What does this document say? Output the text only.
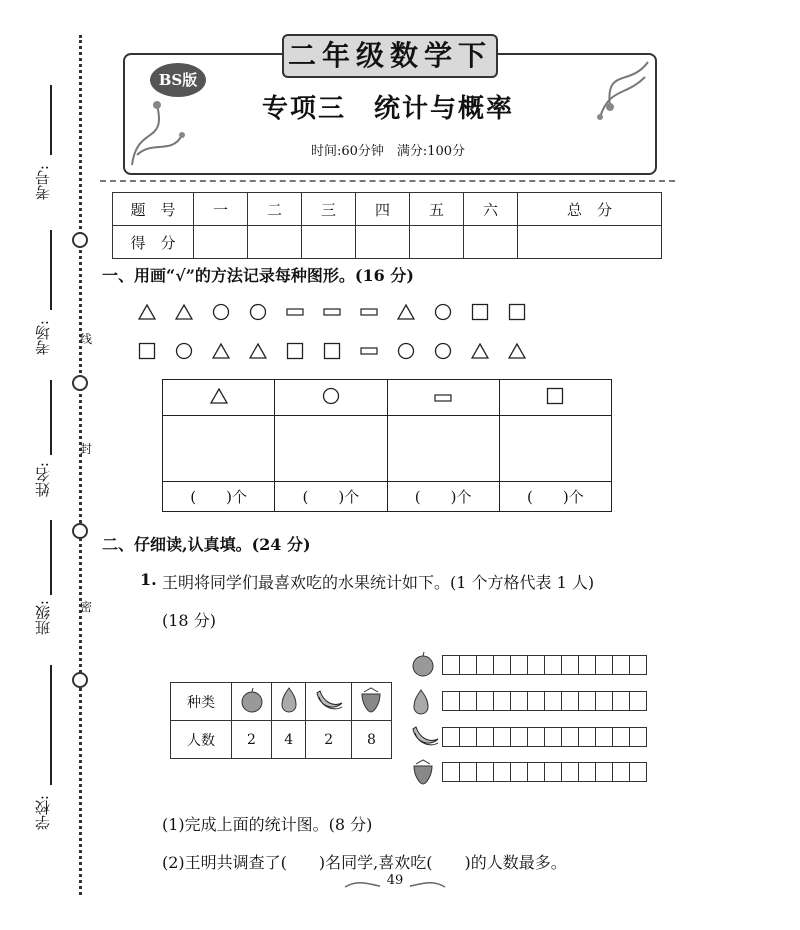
线
封
密
考号:
考场:
姓名:
班级:
学校:
二年级数学下
BS版
专项三　统计与概率
时间:60分钟　满分:100分
题　号	一	二	三	四	五	六	总　分
得　分							
一、用画“√”的方法记录每种图形。(16 分)

(　　)个	(　　)个	(　　)个	(　　)个
二、仔细读,认真填。(24 分)
1. 王明将同学们最喜欢吃的水果统计如下。(1 个方格代表 1 人)
(18 分)
种类				
人数	2	4	2	8
(1)完成上面的统计图。(8 分)
(2)王明共调查了(　　)名同学,喜欢吃(　　)的人数最多。
49
